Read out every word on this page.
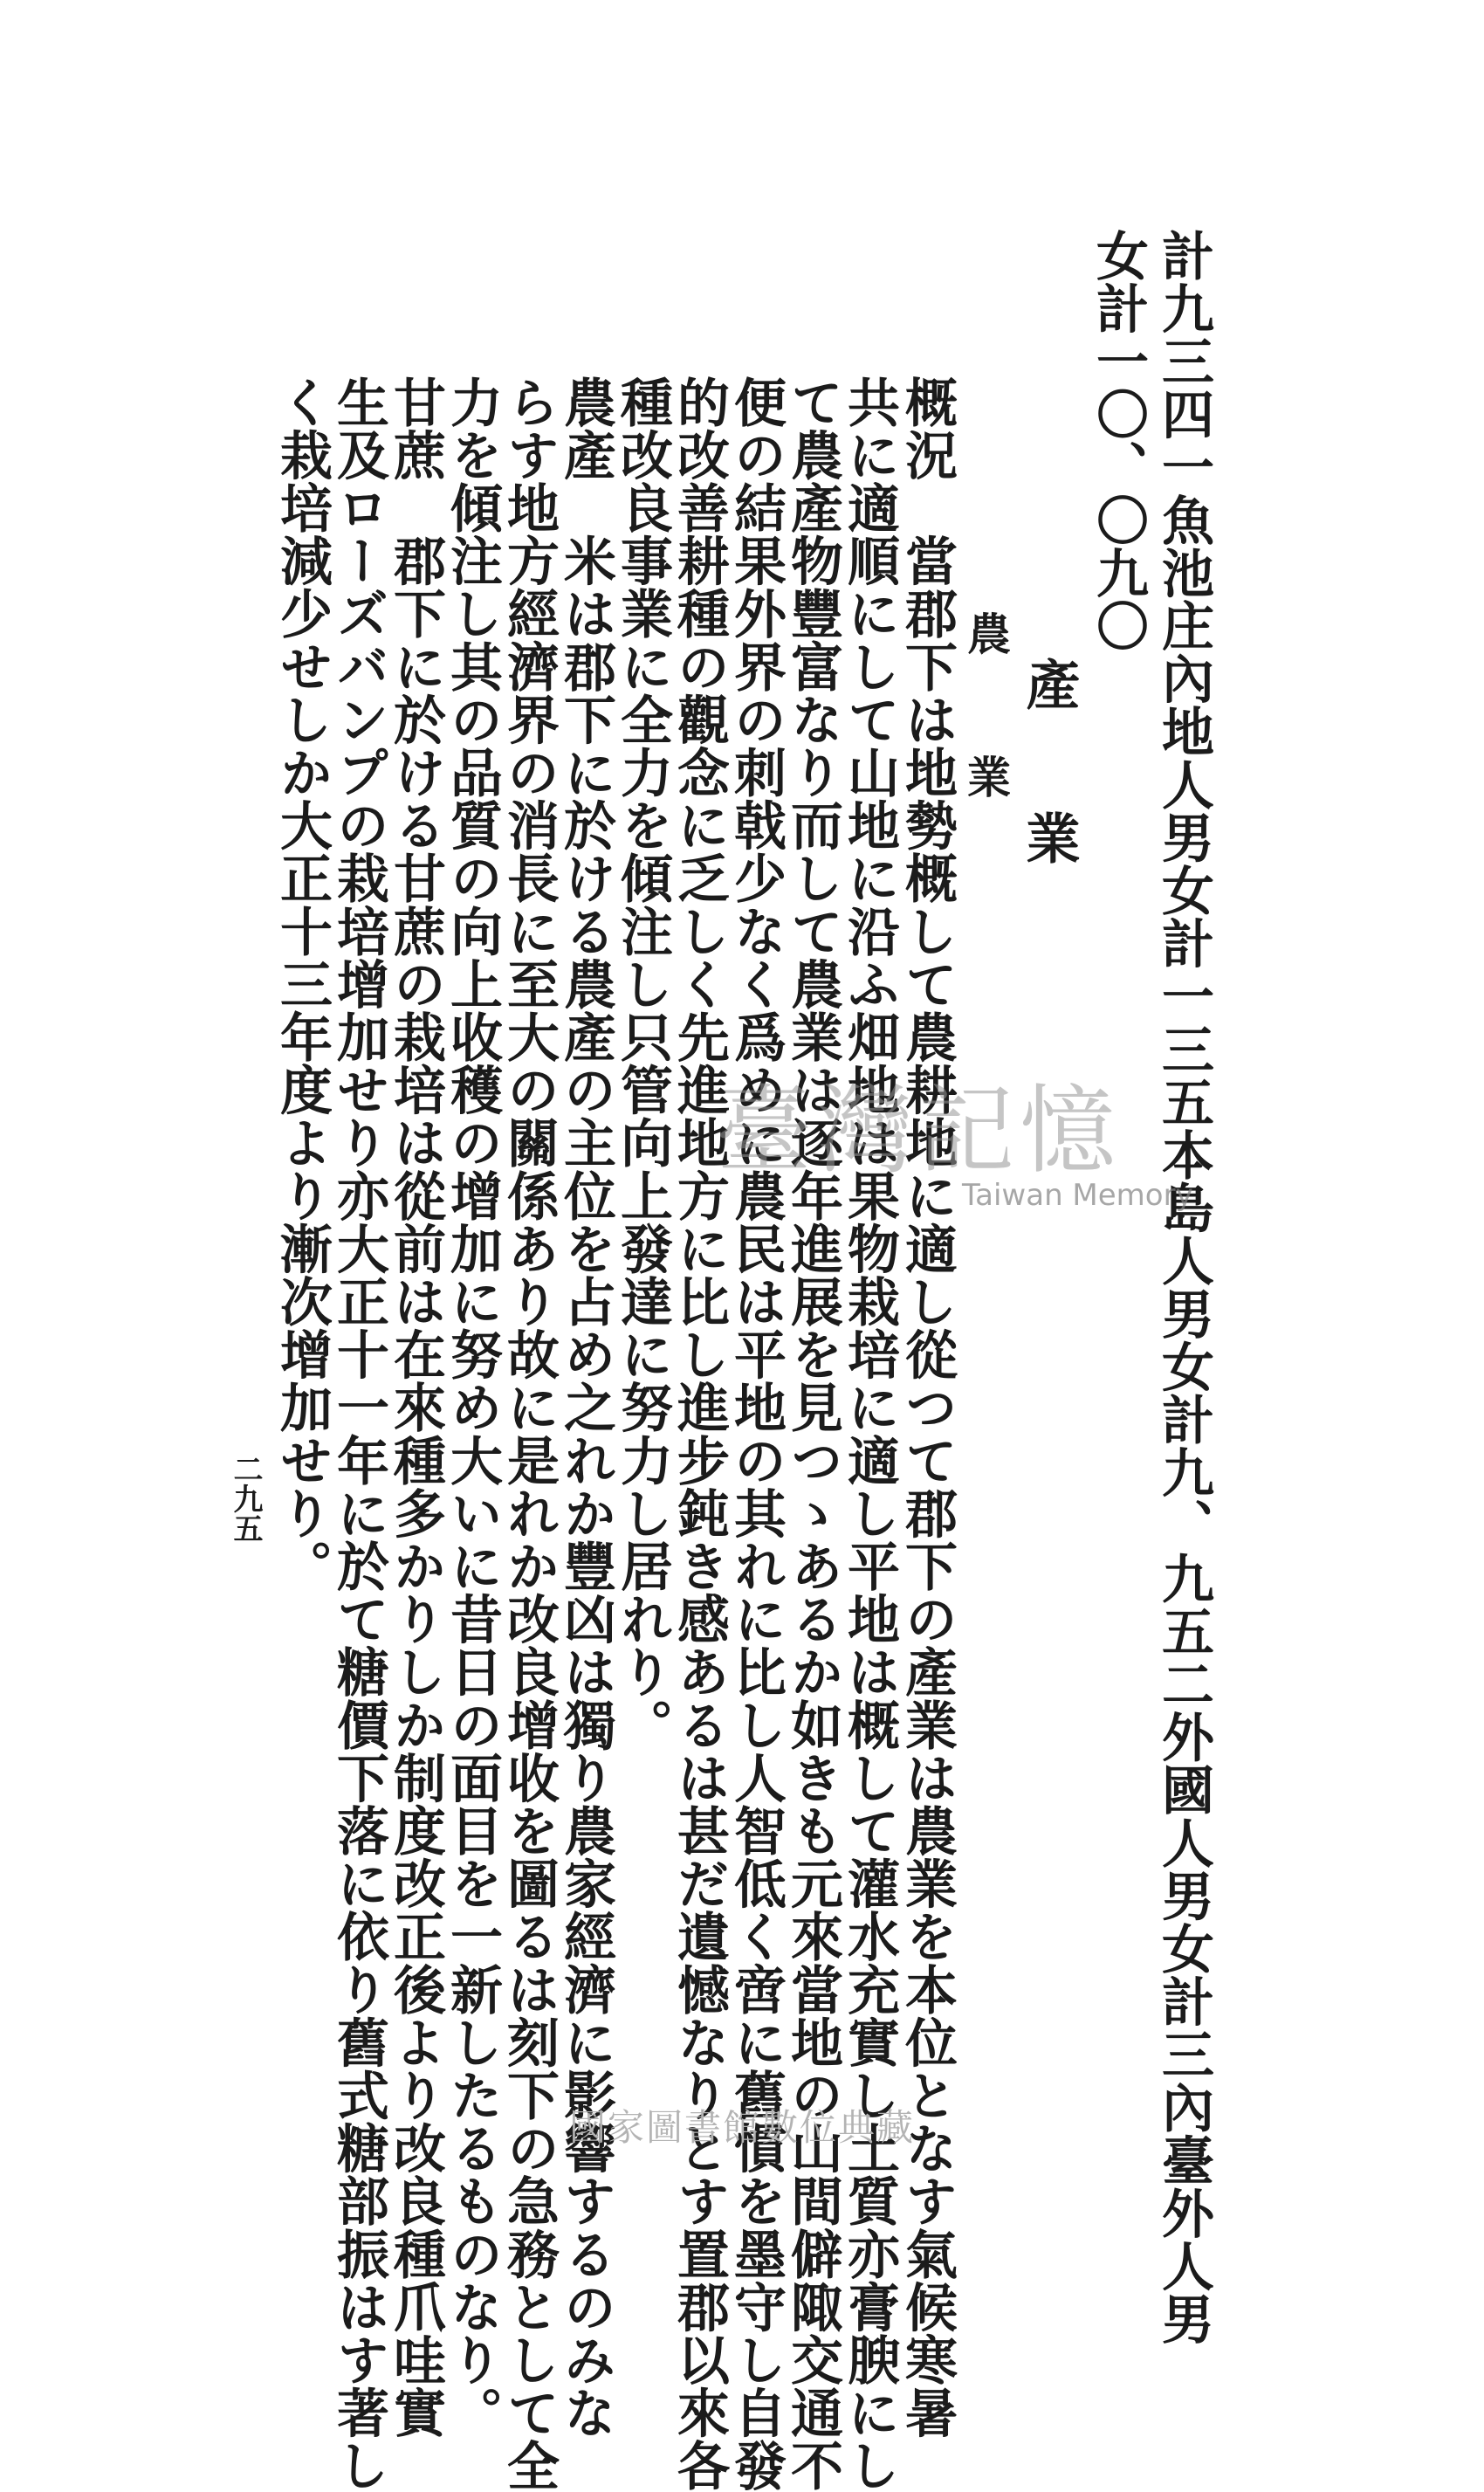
計九三四一魚池庄內地人男女計一三五本島人男女計九、九五二外國人男女計三內臺外人男
女計一〇、〇九〇
產業
農業
概況　當郡下は地勢概して農耕地に適し從つて郡下の產業は農業を本位となす氣候寒暑
共に適順にして山地に沿ふ畑地は果物栽培に適し平地は概して灌水充實し土質亦膏腴にし
て農產物豐富なり而して農業は逐年進展を見つゝあるか如きも元來當地の山間僻陬交通不
便の結果外界の刺戟少なく爲めに農民は平地の其れに比し人智低く啻に舊慣を墨守し自發
的改善耕種の觀念に乏しく先進地方に比し進步鈍き感あるは甚だ遺憾なりとす置郡以來各
種改良事業に全力を傾注し只管向上發達に努力し居れり。
農產　米は郡下に於ける農產の主位を占め之れか豐凶は獨り農家經濟に影響するのみな
らす地方經濟界の消長に至大の關係あり故に是れか改良增收を圖るは刻下の急務として全
力を傾注し其の品質の向上收穫の增加に努め大いに昔日の面目を一新したるものなり。
甘蔗　郡下に於ける甘蔗の栽培は從前は在來種多かりしか制度改正後より改良種爪哇實
生及ローズバンプの栽培增加せり亦大正十一年に於て糖價下落に依り舊式糖部振はす著し
く栽培減少せしか大正十三年度より漸次增加せり。
二九五
臺灣記憶
Taiwan Memory
國家圖書館數位典藏
